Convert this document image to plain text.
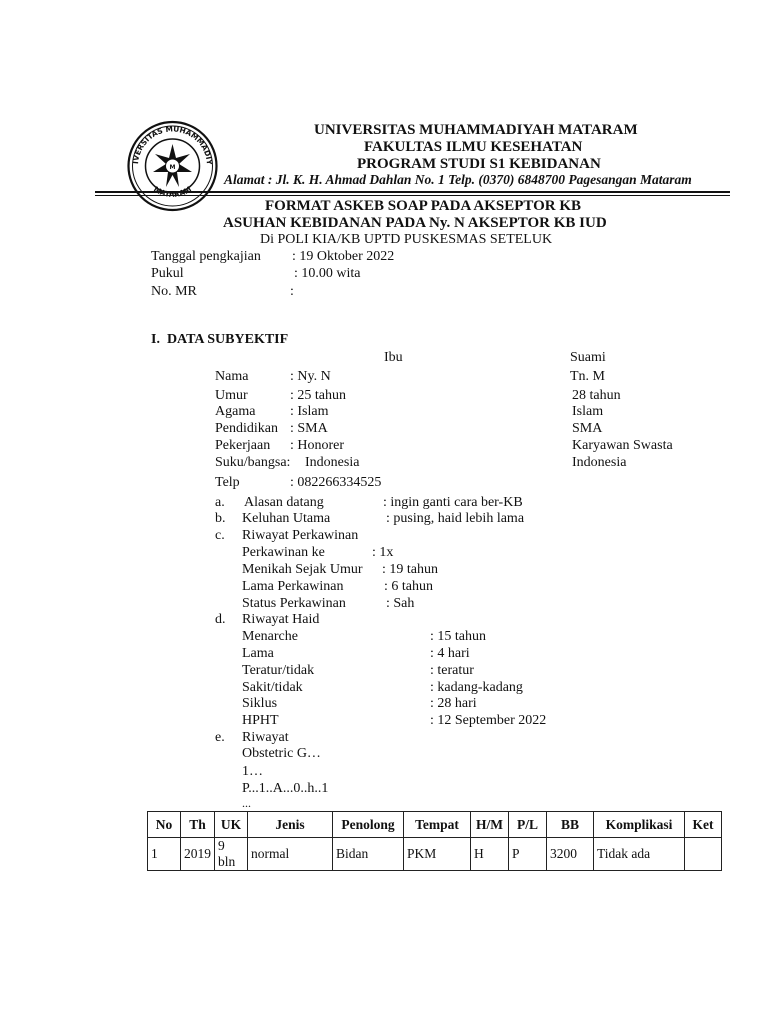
M
IVERSITAS MUHAMMADIY
MATARAM
UNIVERSITAS MUHAMMADIYAH MATARAM
FAKULTAS ILMU KESEHATAN
PROGRAM STUDI S1 KEBIDANAN
Alamat : Jl. K. H. Ahmad Dahlan No. 1 Telp. (0370) 6848700 Pagesangan Mataram
FORMAT ASKEB SOAP PADA AKSEPTOR KB
ASUHAN KEBIDANAN PADA Ny. N AKSEPTOR KB IUD
Di POLI KIA/KB UPTD PUSKESMAS SETELUK
Tanggal pengkajian : 19 Oktober 2022
Pukul	: 10.00 wita
No. MR	:
I.  DATA SUBYEKTIF
Ibu	Suami
Nama	: Ny. N	Tn. M
Umur	: 25 tahun	28 tahun
Agama : Islam	Islam
Pendidikan : SMA	SMA
Pekerjaan : Honorer	Karyawan Swasta
Suku/bangsa: Indonesia	Indonesia
Telp	: 082266334525
a. Alasan datang	: ingin ganti cara ber-KB
b. Keluhan Utama	: pusing, haid lebih lama
c. Riwayat Perkawinan
Perkawinan ke	: 1x
Menikah Sejak Umur : 19 tahun
Lama Perkawinan	: 6 tahun
Status Perkawinan	: Sah
d. Riwayat Haid
Menarche	: 15 tahun
Lama	: 4 hari
Teratur/tidak	: teratur
Sakit/tidak	: kadang-kadang
Siklus	: 28 hari
HPHT	: 12 September 2022
e. Riwayat
Obstetric G…
1…
P...1..A...0..h..1
...
No	Th	UK	Jenis	Penolong	Tempat	H/M	P/L	BB	Komplikasi	Ket
1	2019	9 bln	normal	Bidan	PKM	H	P	3200	Tidak ada	
